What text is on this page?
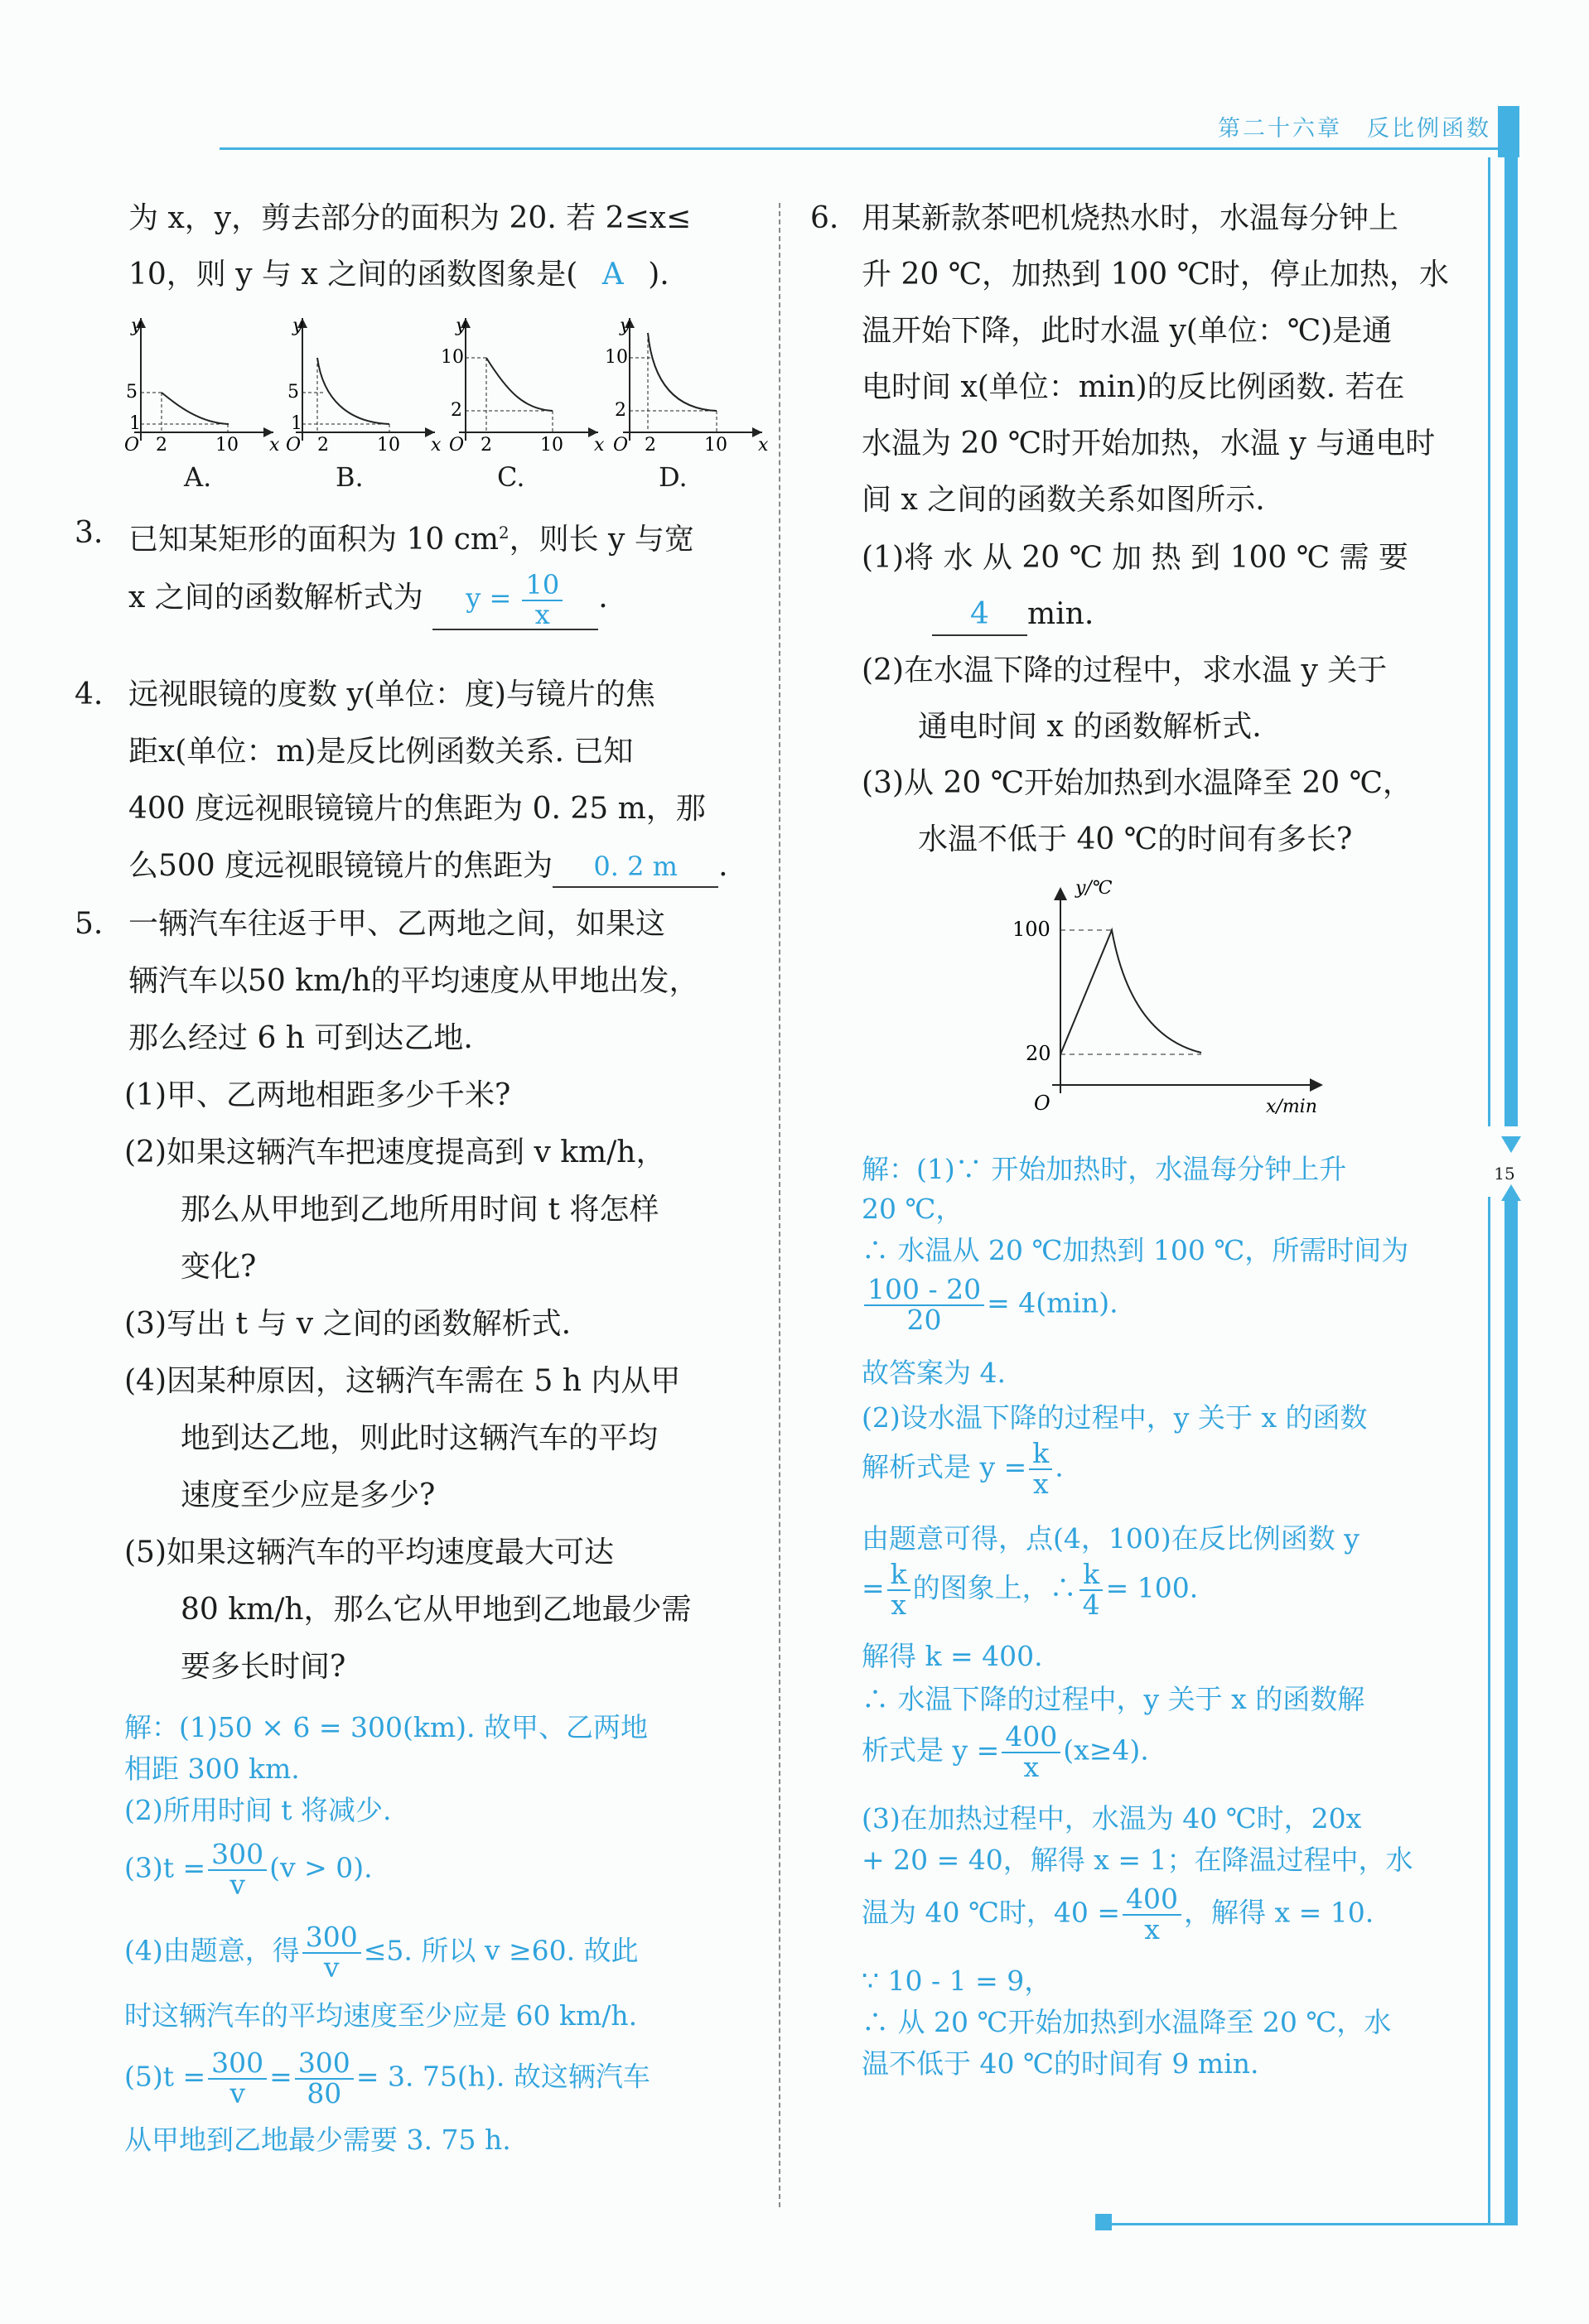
第二十六章　反比例函数
15
为 x，y，剪去部分的面积为 20. 若 2≤x≤
10，则 y 与 x 之间的函数图象是( A ).
y
x
O
5
1
2	10
y
x
O
5
1
2	10
y
x
O
10
2
2	10
y
x
O
10
2
2	10
A.	B.	C.	D.
3. 已知某矩形的面积为 10 $cm^2$，则长 y 与宽
x 之间的函数解析式为 $y = \frac{10}{x}$ .
4. 远视眼镜的度数 y(单位：度)与镜片的焦
距x(单位：m)是反比例函数关系. 已知
400 度远视眼镜镜片的焦距为 0. 25 m，那
么500 度远视眼镜镜片的焦距为 0. 2 m .
5. 一辆汽车往返于甲、乙两地之间，如果这
辆汽车以50 km/h的平均速度从甲地出发，
那么经过 6 h 可到达乙地.
(1)甲、乙两地相距多少千米?
(2)如果这辆汽车把速度提高到 v km/h，
那么从甲地到乙地所用时间 t 将怎样
变化?
(3)写出 t 与 v 之间的函数解析式.
(4)因某种原因，这辆汽车需在 5 h 内从甲
地到达乙地，则此时这辆汽车的平均
速度至少应是多少?
(5)如果这辆汽车的平均速度最大可达
80 km/h，那么它从甲地到乙地最少需
要多长时间?
解：(1)50 × 6 = 300(km). 故甲、乙两地
相距 300 km.
(2)所用时间 t 将减少.
$(3)t = \frac{300}{v} (v > 0)$.
(4)由题意，得 $\frac{300}{v} \le 5$. 所以 v ≥60. 故此
时这辆汽车的平均速度至少应是 60 km/h.
$(5)t = \frac{300}{v} = \frac{300}{80} = 3$. 75(h). 故这辆汽车
从甲地到乙地最少需要 3. 75 h.
6. 用某新款茶吧机烧热水时，水温每分钟上
升 20 ℃，加热到 100 ℃时，停止加热，水
温开始下降，此时水温 y(单位：℃)是通
电时间 x(单位：min)的反比例函数. 若在
水温为 20 ℃时开始加热，水温 y 与通电时
间 x 之间的函数关系如图所示.
(1)将 水 从 20 ℃ 加 热 到 100 ℃ 需 要
4 min.
(2)在水温下降的过程中，求水温 y 关于
通电时间 x 的函数解析式.
(3)从 20 ℃开始加热到水温降至 20 ℃，
水温不低于 40 ℃的时间有多长?
y/℃
x/min
O
100
20
解：(1)∵ 开始加热时，水温每分钟上升
20 ℃，
∴ 水温从 20 ℃加热到 100 ℃，所需时间为
$\frac{100 - 20}{20} = 4(\min)$.
故答案为 4.
(2)设水温下降的过程中，y 关于 x 的函数
解析式是 $y = \frac{k}{x}$ .
由题意可得，点(4，100)在反比例函数 y
= $\frac{k}{x}$ 的图象上，∴ $\frac{k}{4} = 100$.
解得 k = 400.
∴ 水温下降的过程中，y 关于 x 的函数解
析式是 $y = \frac{400}{x} (x\ge 4)$.
(3)在加热过程中，水温为 40 ℃时，20x
+ 20 = 40，解得 x = 1；在降温过程中，水
温为 40 ℃时，$40 = \frac{400}{x}$ ，解得 x = 10.
∵ 10 - 1 = 9，
∴ 从 20 ℃开始加热到水温降至 20 ℃，水
温不低于 40 ℃的时间有 9 min.
